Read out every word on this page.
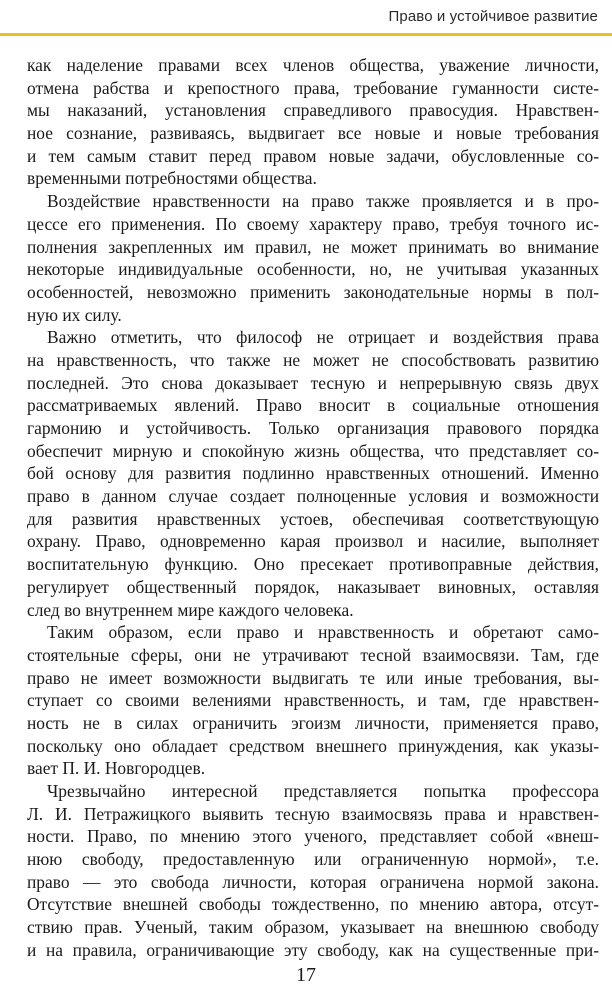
Право и устойчивое развитие

как наделение правами всех членов общества, уважение личности,
отмена рабства и крепостного права, требование гуманности систе-
мы наказаний, установления справедливого правосудия. Нравствен-
ное сознание, развиваясь, выдвигает все новые и новые требования
и тем самым ставит перед правом новые задачи, обусловленные со-
временными потребностями общества.

Воздействие нравственности на право также проявляется и в про-
цессе его применения. По своему характеру право, требуя точного ис-
полнения закрепленных им правил, не может принимать во внимание
некоторые индивидуальные особенности, но, не учитывая указанных
особенностей, невозможно применить законодательные нормы в пол-
ную их силу.

Важно отметить, что философ не отрицает и воздействия права
на нравственность, что также не может не способствовать развитию
последней. Это снова доказывает тесную и непрерывную связь двух
рассматриваемых явлений. Право вносит в социальные отношения
гармонию и устойчивость. Только организация правового порядка
обеспечит мирную и спокойную жизнь общества, что представляет со-
бой основу для развития подлинно нравственных отношений. Именно
право в данном случае создает полноценные условия и возможности
для развития нравственных устоев, обеспечивая соответствующую
охрану. Право, одновременно карая произвол и насилие, выполняет
воспитательную функцию. Оно пресекает противоправные действия,
регулирует общественный порядок, наказывает виновных, оставляя
след во внутреннем мире каждого человека.

Таким образом, если право и нравственность и обретают само-
стоятельные сферы, они не утрачивают тесной взаимосвязи. Там, где
право не имеет возможности выдвигать те или иные требования, вы-
ступает со своими велениями нравственность, и там, где нравствен-
ность не в силах ограничить эгоизм личности, применяется право,
поскольку оно обладает средством внешнего принуждения, как указы-
вает П. И. Новгородцев.

Чрезвычайно интересной представляется попытка профессора
Л. И. Петражицкого выявить тесную взаимосвязь права и нравствен-
ности. Право, по мнению этого ученого, представляет собой «внеш-
нюю свободу, предоставленную или ограниченную нормой», т.е.
право — это свобода личности, которая ограничена нормой закона.
Отсутствие внешней свободы тождественно, по мнению автора, отсут-
ствию прав. Ученый, таким образом, указывает на внешнюю свободу
и на правила, ограничивающие эту свободу, как на существенные при-

17
